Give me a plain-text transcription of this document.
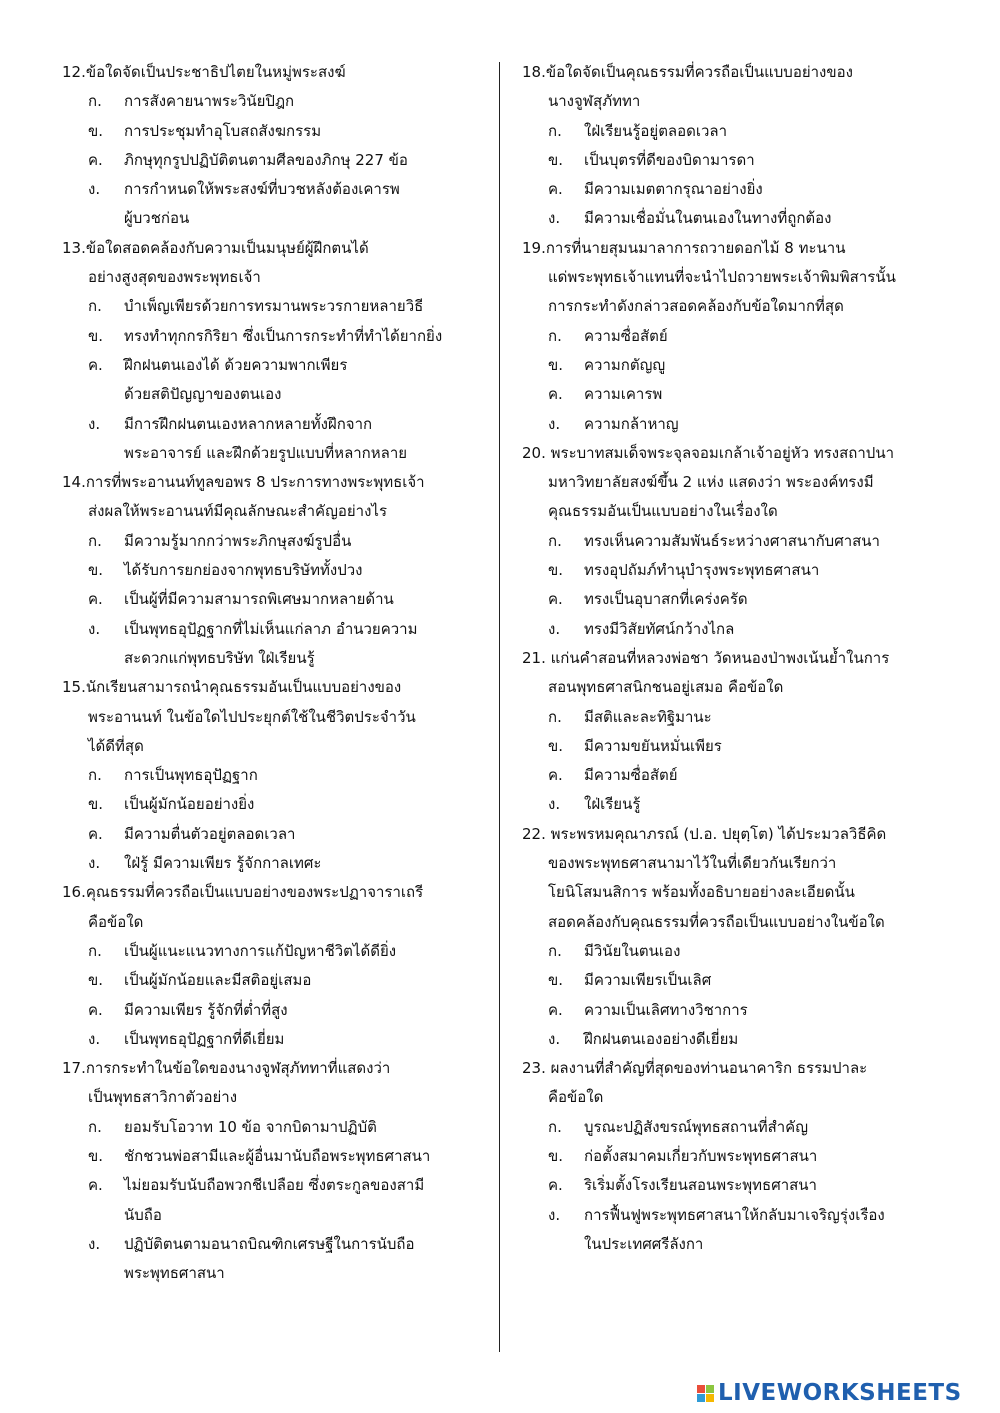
12.ข้อใดจัดเป็นประชาธิปไตยในหมู่พระสงฆ์
ก. การสังคายนาพระวินัยปิฎก
ข. การประชุมทำอุโบสถสังฆกรรม
ค. ภิกษุทุกรูปปฏิบัติตนตามศีลของภิกษุ 227 ข้อ
ง. การกำหนดให้พระสงฆ์ที่บวชหลังต้องเคารพ
ผู้บวชก่อน
13.ข้อใดสอดคล้องกับความเป็นมนุษย์ผู้ฝึกตนได้
อย่างสูงสุดของพระพุทธเจ้า
ก. บำเพ็ญเพียรด้วยการทรมานพระวรกายหลายวิธี
ข. ทรงทำทุกกรกิริยา ซึ่งเป็นการกระทำที่ทำได้ยากยิ่ง
ค. ฝึกฝนตนเองได้ ด้วยความพากเพียร
ด้วยสติปัญญาของตนเอง
ง. มีการฝึกฝนตนเองหลากหลายทั้งฝึกจาก
พระอาจารย์ และฝึกด้วยรูปแบบที่หลากหลาย
14.การที่พระอานนท์ทูลขอพร 8 ประการทางพระพุทธเจ้า
ส่งผลให้พระอานนท์มีคุณลักษณะสำคัญอย่างไร
ก. มีความรู้มากกว่าพระภิกษุสงฆ์รูปอื่น
ข. ได้รับการยกย่องจากพุทธบริษัททั้งปวง
ค. เป็นผู้ที่มีความสามารถพิเศษมากหลายด้าน
ง. เป็นพุทธอุปัฏฐากที่ไม่เห็นแก่ลาภ อำนวยความ
สะดวกแก่พุทธบริษัท ใฝ่เรียนรู้
15.นักเรียนสามารถนำคุณธรรมอันเป็นแบบอย่างของ
พระอานนท์ ในข้อใดไปประยุกต์ใช้ในชีวิตประจำวัน
ได้ดีที่สุด
ก. การเป็นพุทธอุปัฏฐาก
ข. เป็นผู้มักน้อยอย่างยิ่ง
ค. มีความตื่นตัวอยู่ตลอดเวลา
ง. ใฝ่รู้ มีความเพียร รู้จักกาลเทศะ
16.คุณธรรมที่ควรถือเป็นแบบอย่างของพระปฏาจาราเถรี
คือข้อใด
ก. เป็นผู้แนะแนวทางการแก้ปัญหาชีวิตได้ดียิ่ง
ข. เป็นผู้มักน้อยและมีสติอยู่เสมอ
ค. มีความเพียร รู้จักที่ต่ำที่สูง
ง. เป็นพุทธอุปัฏฐากที่ดีเยี่ยม
17.การกระทำในข้อใดของนางจูฬสุภัททาที่แสดงว่า
เป็นพุทธสาวิกาตัวอย่าง
ก. ยอมรับโอวาท 10 ข้อ จากบิดามาปฏิบัติ
ข. ชักชวนพ่อสามีและผู้อื่นมานับถือพระพุทธศาสนา
ค. ไม่ยอมรับนับถือพวกชีเปลือย ซึ่งตระกูลของสามี
นับถือ
ง. ปฏิบัติตนตามอนาถบิณฑิกเศรษฐีในการนับถือ
พระพุทธศาสนา
18.ข้อใดจัดเป็นคุณธรรมที่ควรถือเป็นแบบอย่างของ
นางจูฬสุภัททา
ก. ใฝ่เรียนรู้อยู่ตลอดเวลา
ข. เป็นบุตรที่ดีของบิดามารดา
ค. มีความเมตตากรุณาอย่างยิ่ง
ง. มีความเชื่อมั่นในตนเองในทางที่ถูกต้อง
19.การที่นายสุมนมาลาการถวายดอกไม้ 8 ทะนาน
แด่พระพุทธเจ้าแทนที่จะนำไปถวายพระเจ้าพิมพิสารนั้น
การกระทำดังกล่าวสอดคล้องกับข้อใดมากที่สุด
ก. ความซื่อสัตย์
ข. ความกตัญญู
ค. ความเคารพ
ง. ความกล้าหาญ
20. พระบาทสมเด็จพระจุลจอมเกล้าเจ้าอยู่หัว ทรงสถาปนา
มหาวิทยาลัยสงฆ์ขึ้น 2 แห่ง แสดงว่า พระองค์ทรงมี
คุณธรรมอันเป็นแบบอย่างในเรื่องใด
ก. ทรงเห็นความสัมพันธ์ระหว่างศาสนากับศาสนา
ข. ทรงอุปถัมภ์ทำนุบำรุงพระพุทธศาสนา
ค. ทรงเป็นอุบาสกที่เคร่งครัด
ง. ทรงมีวิสัยทัศน์กว้างไกล
21. แก่นคำสอนที่หลวงพ่อชา วัดหนองป่าพงเน้นย้ำในการ
สอนพุทธศาสนิกชนอยู่เสมอ คือข้อใด
ก. มีสติและละทิฐิมานะ
ข. มีความขยันหมั่นเพียร
ค. มีความซื่อสัตย์
ง. ใฝ่เรียนรู้
22. พระพรหมคุณาภรณ์ (ป.อ. ปยุตฺโต) ได้ประมวลวิธีคิด
ของพระพุทธศาสนามาไว้ในที่เดียวกันเรียกว่า
โยนิโสมนสิการ พร้อมทั้งอธิบายอย่างละเอียดนั้น
สอดคล้องกับคุณธรรมที่ควรถือเป็นแบบอย่างในข้อใด
ก. มีวินัยในตนเอง
ข. มีความเพียรเป็นเลิศ
ค. ความเป็นเลิศทางวิชาการ
ง. ฝึกฝนตนเองอย่างดีเยี่ยม
23. ผลงานที่สำคัญที่สุดของท่านอนาคาริก ธรรมปาละ
คือข้อใด
ก. บูรณะปฏิสังขรณ์พุทธสถานที่สำคัญ
ข. ก่อตั้งสมาคมเกี่ยวกับพระพุทธศาสนา
ค. ริเริ่มตั้งโรงเรียนสอนพระพุทธศาสนา
ง. การฟื้นฟูพระพุทธศาสนาให้กลับมาเจริญรุ่งเรือง
ในประเทศศรีลังกา
LIVEWORKSHEETS
